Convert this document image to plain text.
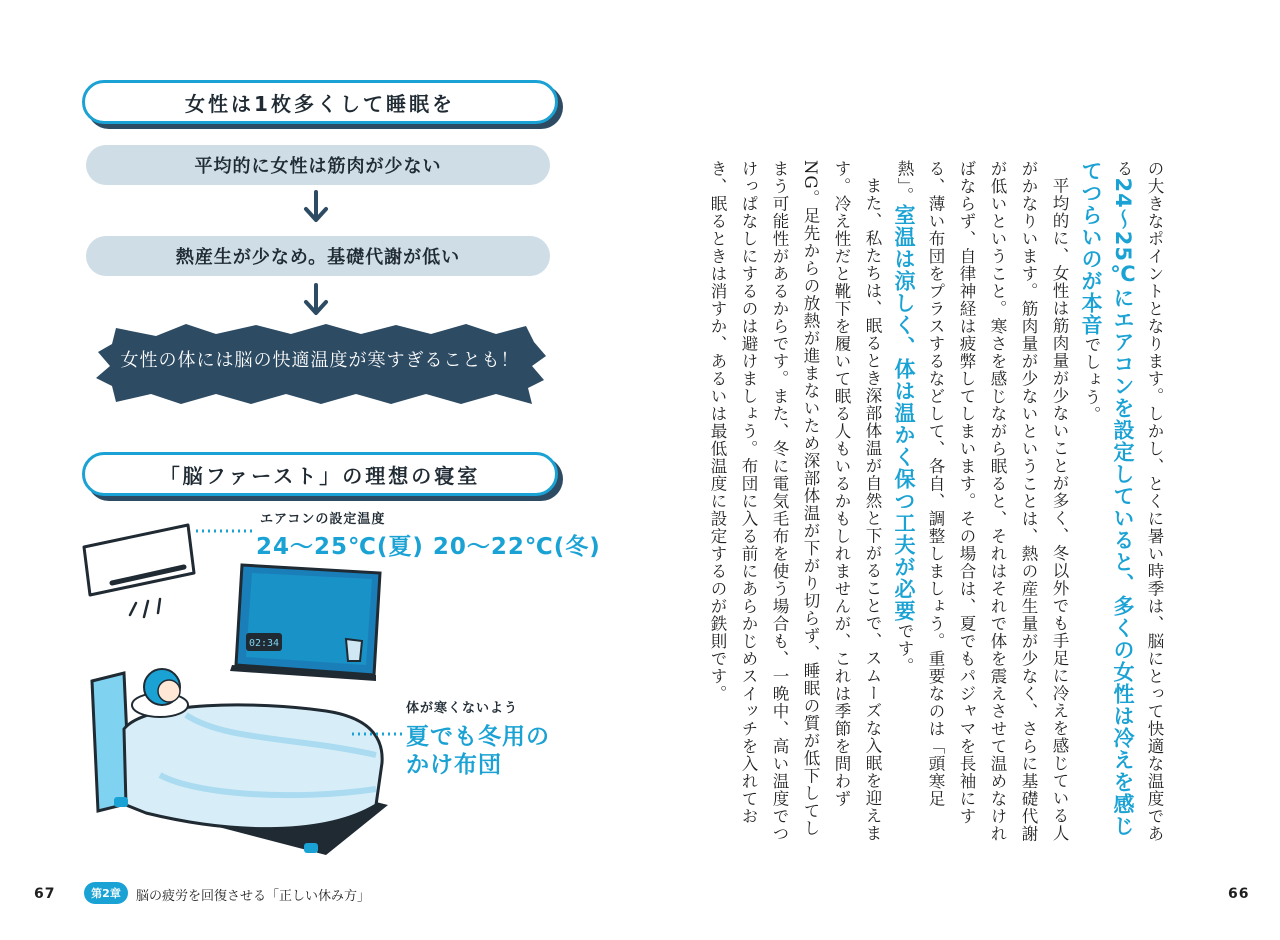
女性は1枚多くして睡眠を
平均的に女性は筋肉が少ない
熱産生が少なめ。基礎代謝が低い
女性の体には脳の快適温度が寒すぎることも！
「脳ファースト」の理想の寝室
02:34
エアコンの設定温度
24〜25℃(夏) 20〜22℃(冬)
体が寒くないよう
夏でも冬用の
かけ布団
67	第2章	脳の疲労を回復させる「正しい休み方」

の大きなポイントとなります。しかし、とくに暑い時季は、脳にとって快適な温度である24〜25℃にエアコンを設定していると、多くの女性は冷えを感じてつらいのが本音でしょう。

平均的に、女性は筋肉量が少ないことが多く、冬以外でも手足に冷えを感じている人がかなりいます。筋肉量が少ないということは、熱の産生量が少なく、さらに基礎代謝が低いということ。寒さを感じながら眠ると、それはそれで体を震えさせて温めなければならず、自律神経は疲弊してしまいます。その場合は、夏でもパジャマを長袖にする、薄い布団をプラスするなどして、各自、調整しましょう。重要なのは「頭寒足熱」。室温は涼しく、体は温かく保つ工夫が必要です。

また、私たちは、眠るとき深部体温が自然と下がることで、スムーズな入眠を迎えます。冷え性だと靴下を履いて眠る人もいるかもしれませんが、これは季節を問わずNG。足先からの放熱が進まないため深部体温が下がり切らず、睡眠の質が低下してしまう可能性があるからです。また、冬に電気毛布を使う場合も、一晩中、高い温度でつけっぱなしにするのは避けましょう。布団に入る前にあらかじめスイッチを入れておき、眠るときは消すか、あるいは最低温度に設定するのが鉄則です。

66
